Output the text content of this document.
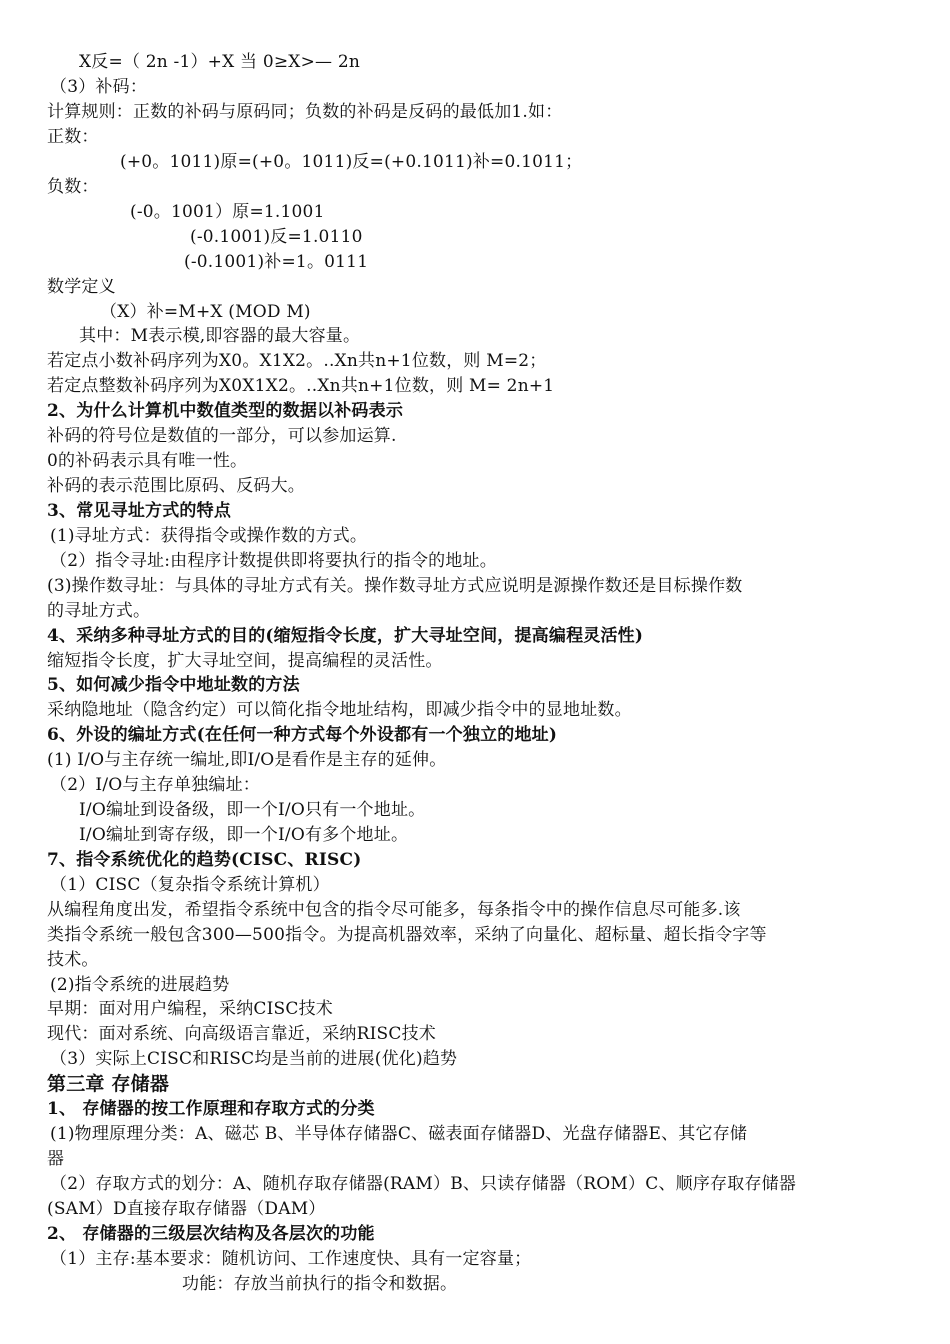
X反=（ 2n -1）+X 当 0≥X>— 2n
（3）补码：
计算规则：正数的补码与原码同；负数的补码是反码的最低加1.如：
正数：
(+0。1011)原=(+0。1011)反=(+0.1011)补=0.1011；
负数：
(-0。1001）原=1.1001
(-0.1001)反=1.0110
(-0.1001)补=1。0111
数学定义
（X）补=M+X (MOD M)
其中：M表示模,即容器的最大容量。
若定点小数补码序列为X0。X1X2。..Xn共n+1位数，则 M=2；
若定点整数补码序列为X0X1X2。..Xn共n+1位数，则 M= 2n+1
2、为什么计算机中数值类型的数据以补码表示
补码的符号位是数值的一部分，可以参加运算.
0的补码表示具有唯一性。
补码的表示范围比原码、反码大。
3、常见寻址方式的特点
(1)寻址方式：获得指令或操作数的方式。
（2）指令寻址:由程序计数提供即将要执行的指令的地址。
(3)操作数寻址：与具体的寻址方式有关。操作数寻址方式应说明是源操作数还是目标操作数
的寻址方式。
4、采纳多种寻址方式的目的(缩短指令长度，扩大寻址空间，提高编程灵活性)
缩短指令长度，扩大寻址空间，提高编程的灵活性。
5、如何减少指令中地址数的方法
采纳隐地址（隐含约定）可以简化指令地址结构，即减少指令中的显地址数。
6、外设的编址方式(在任何一种方式每个外设都有一个独立的地址)
(1) I/O与主存统一编址,即I/O是看作是主存的延伸。
（2）I/O与主存单独编址：
I/O编址到设备级，即一个I/O只有一个地址。
I/O编址到寄存级，即一个I/O有多个地址。
7、指令系统优化的趋势(CISC、RISC)
（1）CISC（复杂指令系统计算机）
从编程角度出发，希望指令系统中包含的指令尽可能多，每条指令中的操作信息尽可能多.该
类指令系统一般包含300—500指令。为提高机器效率，采纳了向量化、超标量、超长指令字等
技术。
(2)指令系统的进展趋势
早期：面对用户编程，采纳CISC技术
现代：面对系统、向高级语言靠近，采纳RISC技术
（3）实际上CISC和RISC均是当前的进展(优化)趋势
第三章 存储器
1、 存储器的按工作原理和存取方式的分类
(1)物理原理分类：A、磁芯 B、半导体存储器C、磁表面存储器D、光盘存储器E、其它存储
器
（2）存取方式的划分：A、随机存取存储器(RAM）B、只读存储器（ROM）C、顺序存取存储器
(SAM）D直接存取存储器（DAM）
2、 存储器的三级层次结构及各层次的功能
（1）主存:基本要求：随机访问、工作速度快、具有一定容量；
功能：存放当前执行的指令和数据。
